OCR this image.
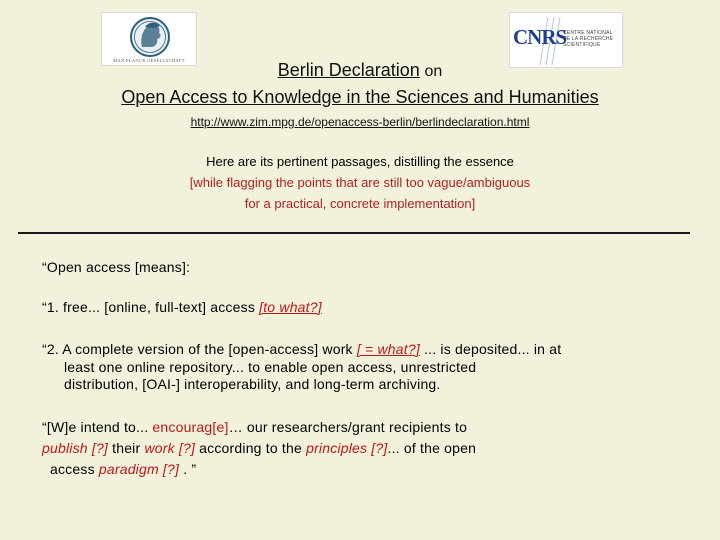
MAX PLANCK GESELLSCHAFT
CNRS
CENTRE NATIONAL
DE LA RECHERCHE
SCIENTIFIQUE
Berlin Declaration on
Open Access to Knowledge in the Sciences and Humanities
http://www.zim.mpg.de/openaccess-berlin/berlindeclaration.html
Here are its pertinent passages, distilling the essence
[while flagging the points that are still too vague/ambiguous
for a practical, concrete implementation]
“Open access [means]:
“1. free... [online, full-text] access [to what?]
“2. A complete version of the [open-access] work [ = what?] ... is deposited... in at
least one online repository... to enable open access, unrestricted
distribution, [OAI-] interoperability, and long-term archiving.
“[W]e intend to... encourag[e]… our researchers/grant recipients to
publish [?] their work [?] according to the principles [?]... of the open
access paradigm [?] . ”
